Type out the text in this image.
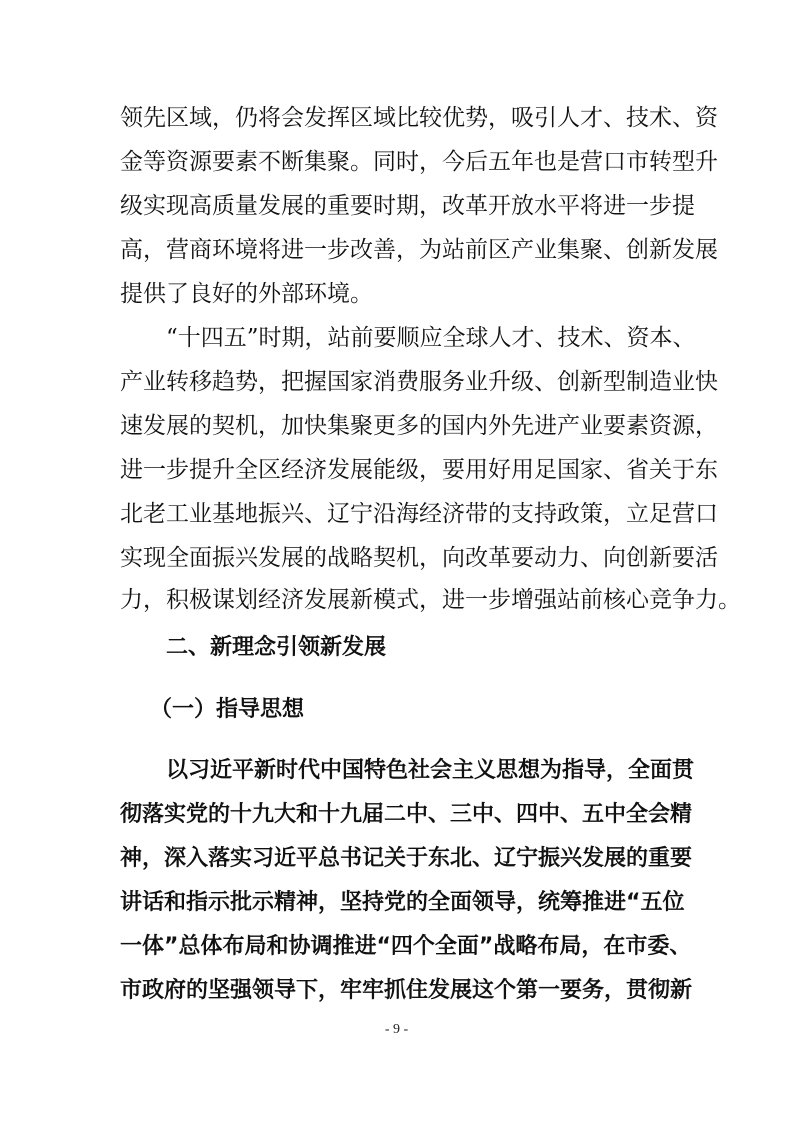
领先区域，仍将会发挥区域比较优势，吸引人才、技术、资
金等资源要素不断集聚。同时，今后五年也是营口市转型升
级实现高质量发展的重要时期，改革开放水平将进一步提
高，营商环境将进一步改善，为站前区产业集聚、创新发展
提供了良好的外部环境。
“十四五”时期，站前要顺应全球人才、技术、资本、
产业转移趋势，把握国家消费服务业升级、创新型制造业快
速发展的契机，加快集聚更多的国内外先进产业要素资源，
进一步提升全区经济发展能级，要用好用足国家、省关于东
北老工业基地振兴、辽宁沿海经济带的支持政策，立足营口
实现全面振兴发展的战略契机，向改革要动力、向创新要活
力，积极谋划经济发展新模式，进一步增强站前核心竞争力。
二、新理念引领新发展
（一）指导思想
以习近平新时代中国特色社会主义思想为指导，全面贯
彻落实党的十九大和十九届二中、三中、四中、五中全会精
神，深入落实习近平总书记关于东北、辽宁振兴发展的重要
讲话和指示批示精神，坚持党的全面领导，统筹推进“五位
一体”总体布局和协调推进“四个全面”战略布局，在市委、
市政府的坚强领导下，牢牢抓住发展这个第一要务，贯彻新
- 9 -
